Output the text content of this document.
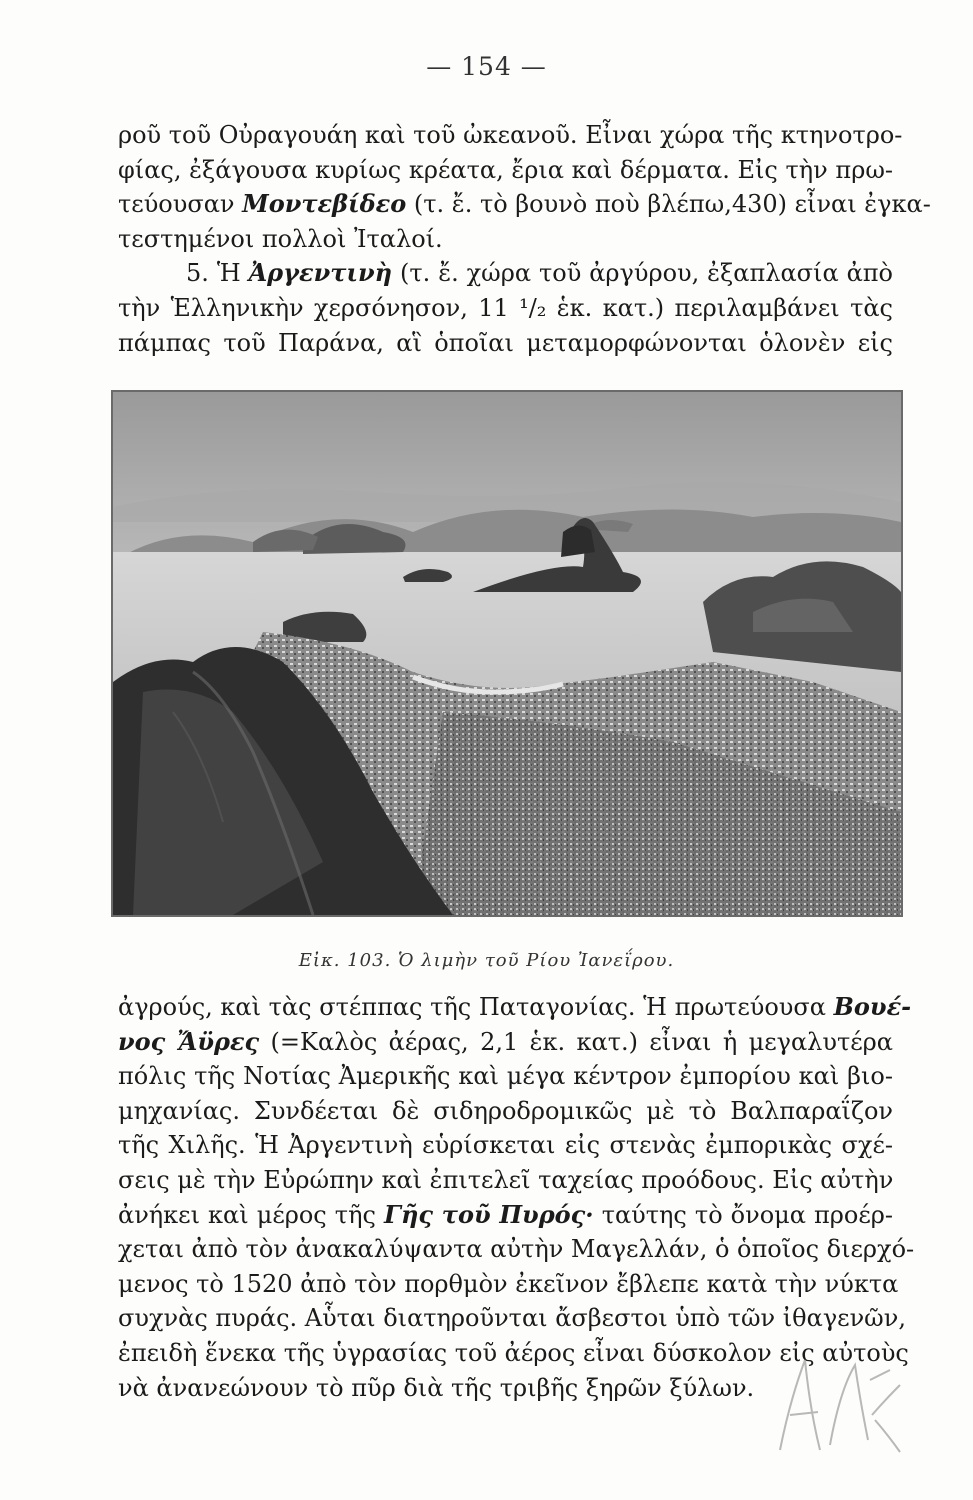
— 154 —
ροῦ τοῦ Οὐραγουάη καὶ τοῦ ὠκεανοῦ. Εἶναι χώρα τῆς κτηνοτρο-
φίας, ἐξάγουσα κυρίως κρέατα, ἔρια καὶ δέρματα. Εἰς τὴν πρω-
τεύουσαν Μοντεβίδεο (τ. ἔ. τὸ βουνὸ ποὺ βλέπω,430) εἶναι ἐγκα-
τεστημένοι πολλοὶ Ἰταλοί.
5. Ἡ Ἀργεντινὴ (τ. ἔ. χώρα τοῦ ἀργύρου, ἐξαπλασία ἀπὸ
τὴν Ἑλληνικὴν χερσόνησον, 11 ¹/₂ ἑκ. κατ.) περιλαμβάνει τὰς
πάμπας τοῦ Παράνα, αἳ ὁποῖαι μεταμορφώνονται ὁλονὲν εἰς
Εἰκ. 103. Ὁ λιμὴν τοῦ Ρίου Ἰανεΐρου.
ἀγρούς, καὶ τὰς στέππας τῆς Παταγονίας. Ἡ πρωτεύουσα Βουέ-
νος Ἄϋρες (=Καλὸς ἀέρας, 2,1 ἑκ. κατ.) εἶναι ἡ μεγαλυτέρα
πόλις τῆς Νοτίας Ἀμερικῆς καὶ μέγα κέντρον ἐμπορίου καὶ βιο-
μηχανίας. Συνδέεται δὲ σιδηροδρομικῶς μὲ τὸ Βαλπαραΐζον
τῆς Χιλῆς. Ἡ Ἀργεντινὴ εὑρίσκεται εἰς στενὰς ἐμπορικὰς σχέ-
σεις μὲ τὴν Εὐρώπην καὶ ἐπιτελεῖ ταχείας προόδους. Εἰς αὐτὴν
ἀνήκει καὶ μέρος τῆς Γῆς τοῦ Πυρός· ταύτης τὸ ὄνομα προέρ-
χεται ἀπὸ τὸν ἀνακαλύψαντα αὐτὴν Μαγελλάν, ὁ ὁποῖος διερχό-
μενος τὸ 1520 ἀπὸ τὸν πορθμὸν ἐκεῖνον ἔβλεπε κατὰ τὴν νύκτα
συχνὰς πυράς. Αὗται διατηροῦνται ἄσβεστοι ὑπὸ τῶν ἰθαγενῶν,
ἐπειδὴ ἕνεκα τῆς ὑγρασίας τοῦ ἀέρος εἶναι δύσκολον εἰς αὐτοὺς
νὰ ἀνανεώνουν τὸ πῦρ διὰ τῆς τριβῆς ξηρῶν ξύλων.
